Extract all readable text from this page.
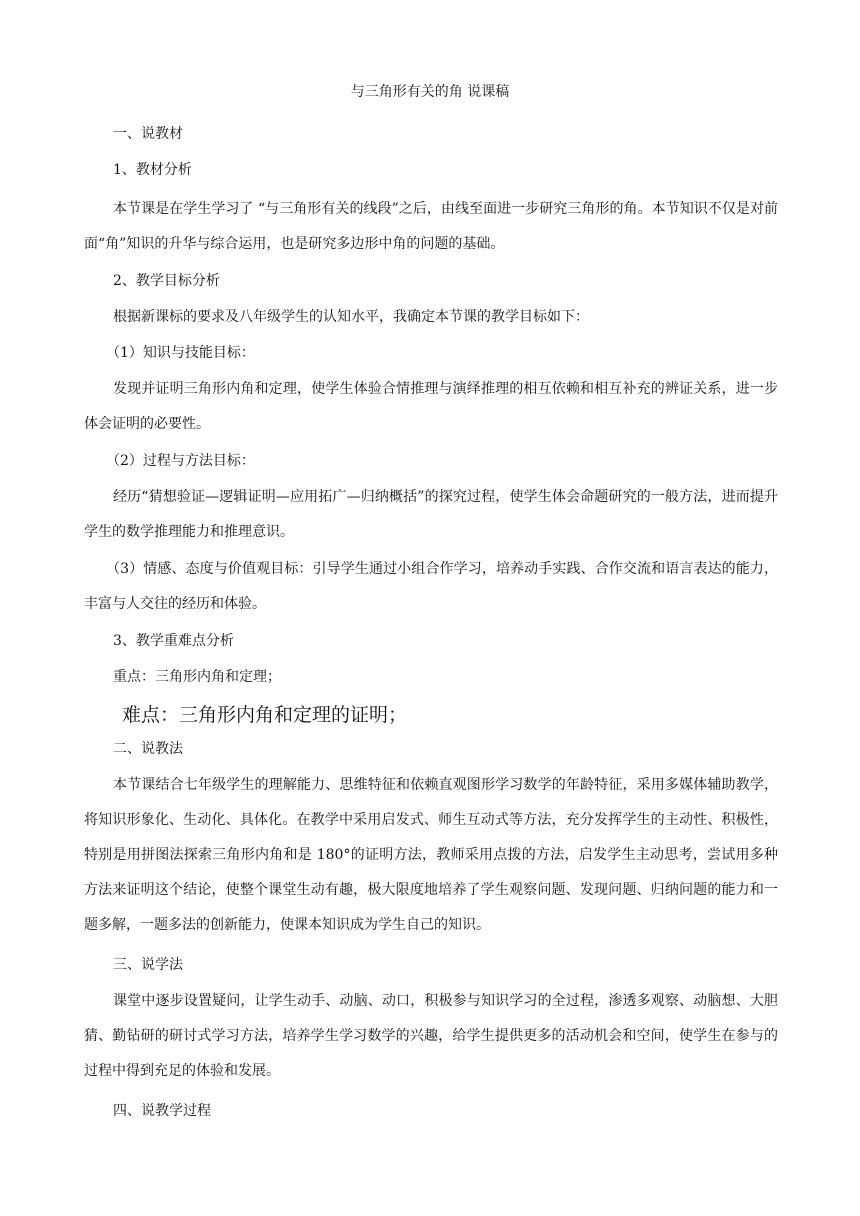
与三角形有关的角 说课稿

一、说教材

1、教材分析

本节课是在学生学习了 “与三角形有关的线段”之后，由线至面进一步研究三角形的角。本节知识不仅是对前面“角”知识的升华与综合运用，也是研究多边形中角的问题的基础。

2、教学目标分析

根据新课标的要求及八年级学生的认知水平，我确定本节课的教学目标如下：

（1）知识与技能目标：

发现并证明三角形内角和定理，使学生体验合情推理与演绎推理的相互依赖和相互补充的辨证关系，进一步体会证明的必要性。

（2）过程与方法目标：

经历“猜想验证—逻辑证明—应用拓广—归纳概括”的探究过程，使学生体会命题研究的一般方法，进而提升学生的数学推理能力和推理意识。

（3）情感、态度与价值观目标：引导学生通过小组合作学习，培养动手实践、合作交流和语言表达的能力，丰富与人交往的经历和体验。

3、教学重难点分析

重点：三角形内角和定理；

难点：三角形内角和定理的证明；

二、说教法

本节课结合七年级学生的理解能力、思维特征和依赖直观图形学习数学的年龄特征，采用多媒体辅助教学，将知识形象化、生动化、具体化。在教学中采用启发式、师生互动式等方法，充分发挥学生的主动性、积极性，特别是用拼图法探索三角形内角和是 180°的证明方法，教师采用点拨的方法，启发学生主动思考，尝试用多种方法来证明这个结论，使整个课堂生动有趣，极大限度地培养了学生观察问题、发现问题、归纳问题的能力和一题多解，一题多法的创新能力，使课本知识成为学生自己的知识。

三、说学法

课堂中逐步设置疑问，让学生动手、动脑、动口，积极参与知识学习的全过程，渗透多观察、动脑想、大胆猜、勤钻研的研讨式学习方法，培养学生学习数学的兴趣，给学生提供更多的活动机会和空间，使学生在参与的过程中得到充足的体验和发展。

四、说教学过程
